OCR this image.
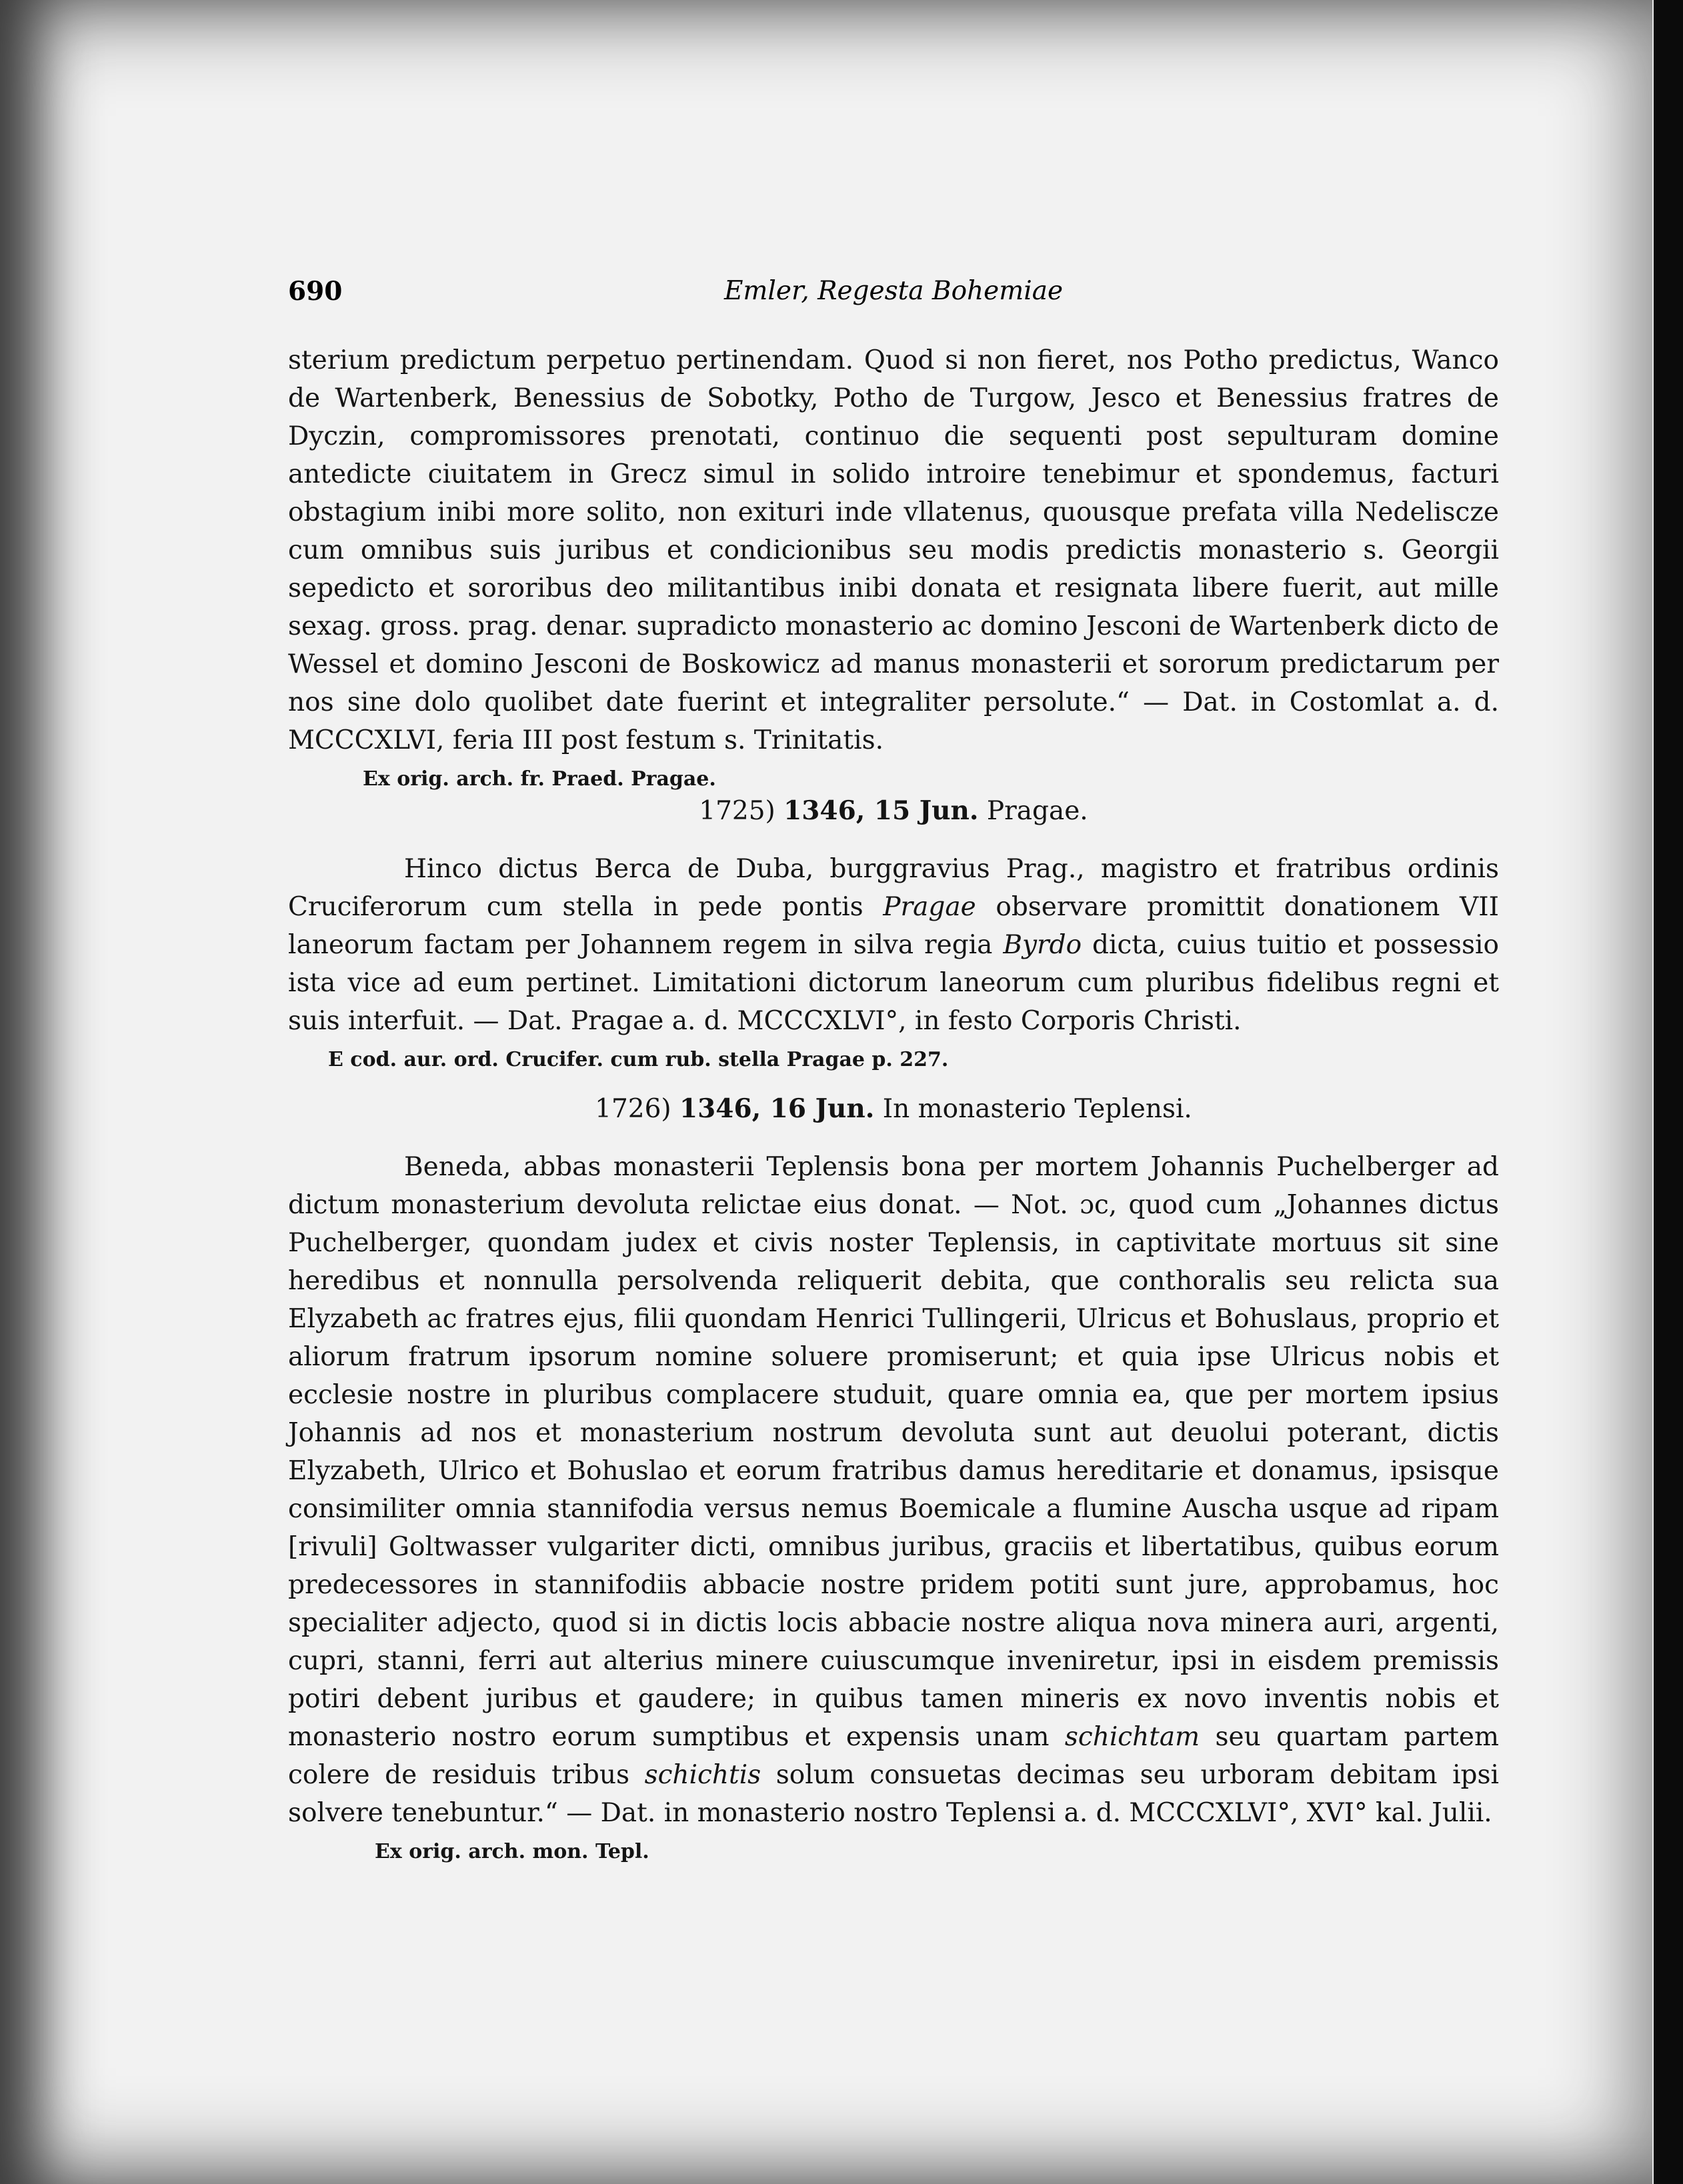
690	Emler, Regesta Bohemiae

sterium predictum perpetuo pertinendam. Quod si non fieret, nos Potho predictus, Wanco de Wartenberk, Benessius de Sobotky, Potho de Turgow, Jesco et Benessius fratres de Dyczin, compromissores prenotati, continuo die sequenti post sepulturam domine antedicte ciuitatem in Grecz simul in solido introire tenebimur et spondemus, facturi obstagium inibi more solito, non exituri inde vllatenus, quousque prefata villa Nedeliscze cum omnibus suis juribus et condicionibus seu modis predictis monasterio s. Georgii sepedicto et sororibus deo militantibus inibi donata et resignata libere fuerit, aut mille sexag. gross. prag. denar. supradicto monasterio ac domino Jesconi de Wartenberk dicto de Wessel et domino Jesconi de Boskowicz ad manus monasterii et sororum predictarum per nos sine dolo quolibet date fuerint et integraliter persolute.“ — Dat. in Costomlat a. d. MCCCXLVI, feria III post festum s. Trinitatis.

Ex orig. arch. fr. Praed. Pragae.
1725) 1346, 15 Jun. Pragae.

Hinco dictus Berca de Duba, burggravius Prag., magistro et fratribus ordinis Cruciferorum cum stella in pede pontis Pragae observare promittit donationem VII laneorum factam per Johannem regem in silva regia Byrdo dicta, cuius tuitio et possessio ista vice ad eum pertinet. Limitationi dictorum laneorum cum pluribus fidelibus regni et suis interfuit. — Dat. Pragae a. d. MCCCXLVI°, in festo Corporis Christi.

E cod. aur. ord. Crucifer. cum rub. stella Pragae p. 227.
1726) 1346, 16 Jun. In monasterio Teplensi.

Beneda, abbas monasterii Teplensis bona per mortem Johannis Puchelberger ad dictum monasterium devoluta relictae eius donat. — Not. ɔc, quod cum „Johannes dictus Puchelberger, quondam judex et civis noster Teplensis, in captivitate mortuus sit sine heredibus et nonnulla persolvenda reliquerit debita, que conthoralis seu relicta sua Elyzabeth ac fratres ejus, filii quondam Henrici Tullingerii, Ulricus et Bohuslaus, proprio et aliorum fratrum ipsorum nomine soluere promiserunt; et quia ipse Ulricus nobis et ecclesie nostre in pluribus complacere studuit, quare omnia ea, que per mortem ipsius Johannis ad nos et monasterium nostrum devoluta sunt aut deuolui poterant, dictis Elyzabeth, Ulrico et Bohuslao et eorum fratribus damus hereditarie et donamus, ipsisque consimiliter omnia stannifodia versus nemus Boemicale a flumine Auscha usque ad ripam [rivuli] Goltwasser vulgariter dicti, omnibus juribus, graciis et libertatibus, quibus eorum predecessores in stannifodiis abbacie nostre pridem potiti sunt jure, approbamus, hoc specialiter adjecto, quod si in dictis locis abbacie nostre aliqua nova minera auri, argenti, cupri, stanni, ferri aut alterius minere cuiuscumque inveniretur, ipsi in eisdem premissis potiri debent juribus et gaudere; in quibus tamen mineris ex novo inventis nobis et monasterio nostro eorum sumptibus et expensis unam schichtam seu quartam partem colere de residuis tribus schichtis solum consuetas decimas seu urboram debitam ipsi solvere tenebuntur.“ — Dat. in monasterio nostro Teplensi a. d. MCCCXLVI°, XVI° kal. Julii.

Ex orig. arch. mon. Tepl.
